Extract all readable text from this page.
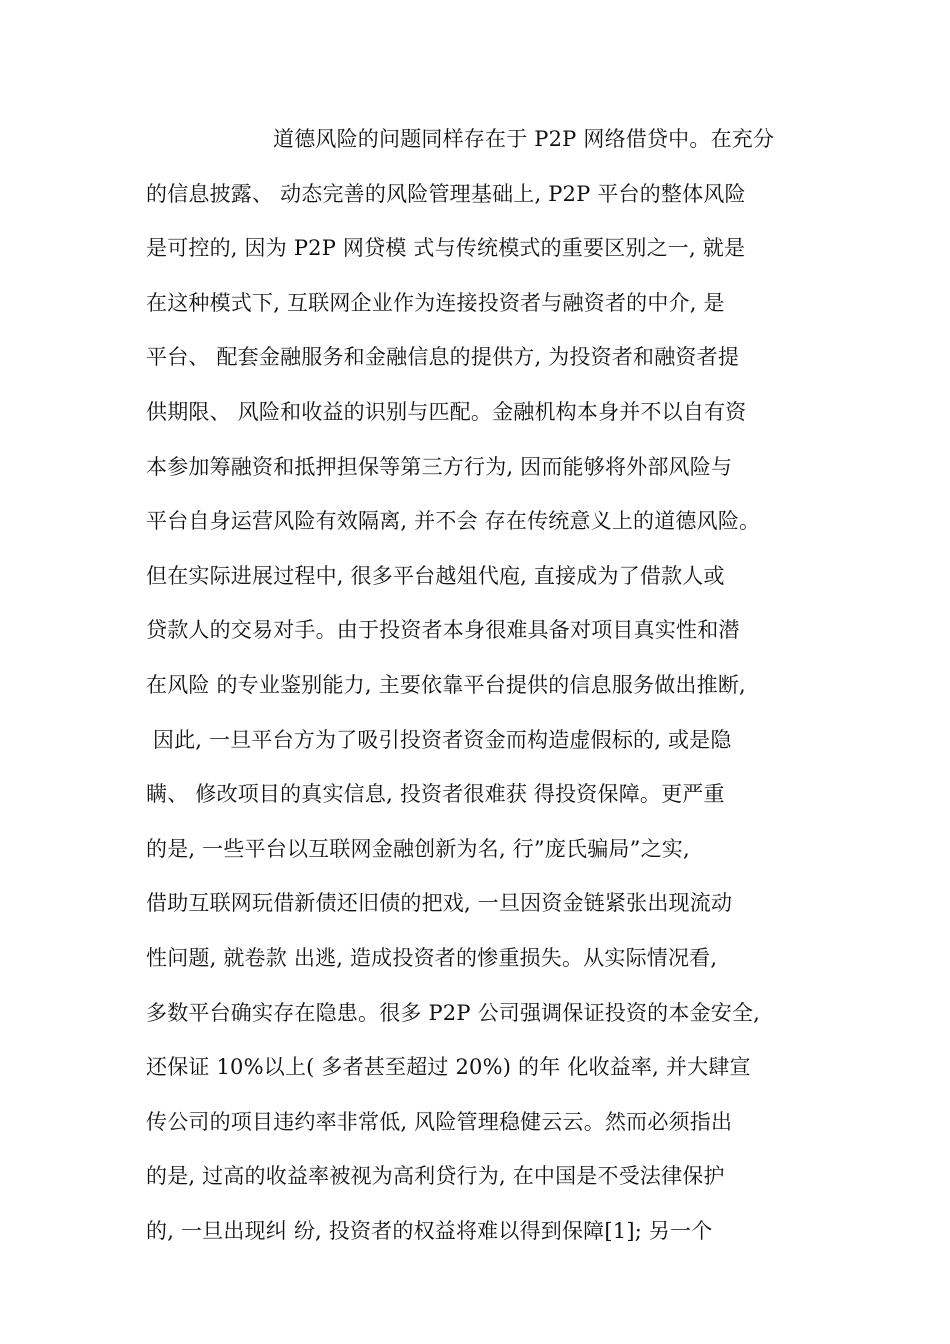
道德风险的问题同样存在于 P2P 网络借贷中。在充分
的信息披露、 动态完善的风险管理基础上, P2P 平台的整体风险
是可控的, 因为 P2P 网贷模 式与传统模式的重要区别之一, 就是
在这种模式下, 互联网企业作为连接投资者与融资者的中介, 是
平台、 配套金融服务和金融信息的提供方, 为投资者和融资者提
供期限、 风险和收益的识别与匹配。金融机构本身并不以自有资
本参加筹融资和抵押担保等第三方行为, 因而能够将外部风险与
平台自身运营风险有效隔离, 并不会 存在传统意义上的道德风险。
但在实际进展过程中, 很多平台越俎代庖, 直接成为了借款人或
贷款人的交易对手。由于投资者本身很难具备对项目真实性和潜
在风险 的专业鉴别能力, 主要依靠平台提供的信息服务做出推断,
因此, 一旦平台方为了吸引投资者资金而构造虚假标的, 或是隐
瞒、 修改项目的真实信息, 投资者很难获 得投资保障。更严重
的是, 一些平台以互联网金融创新为名, 行”庞氏骗局”之实,
借助互联网玩借新债还旧债的把戏, 一旦因资金链紧张出现流动
性问题, 就卷款 出逃, 造成投资者的惨重损失。从实际情况看,
多数平台确实存在隐患。很多 P2P 公司强调保证投资的本金安全,
还保证 10%以上( 多者甚至超过 20%) 的年 化收益率, 并大肆宣
传公司的项目违约率非常低, 风险管理稳健云云。然而必须指出
的是, 过高的收益率被视为高利贷行为, 在中国是不受法律保护
的, 一旦出现纠 纷, 投资者的权益将难以得到保障[1]; 另一个
